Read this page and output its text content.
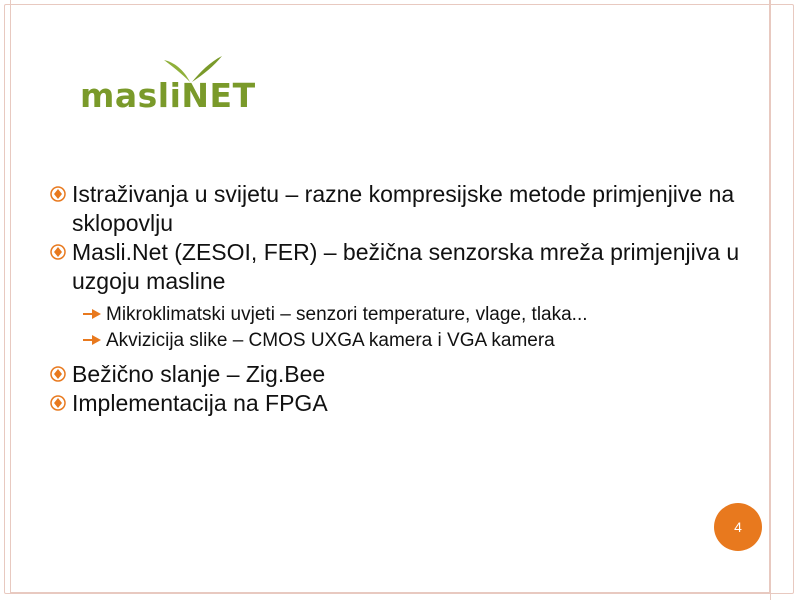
masliNET
Istraživanja u svijetu – razne kompresijske metode primjenjive na sklopovlju
Masli.Net (ZESOI, FER) – bežična senzorska mreža primjenjiva u uzgoju masline
Mikroklimatski uvjeti – senzori temperature, vlage, tlaka...
Akvizicija slike – CMOS UXGA kamera i VGA kamera
Bežično slanje – Zig.Bee
Implementacija na FPGA
4
